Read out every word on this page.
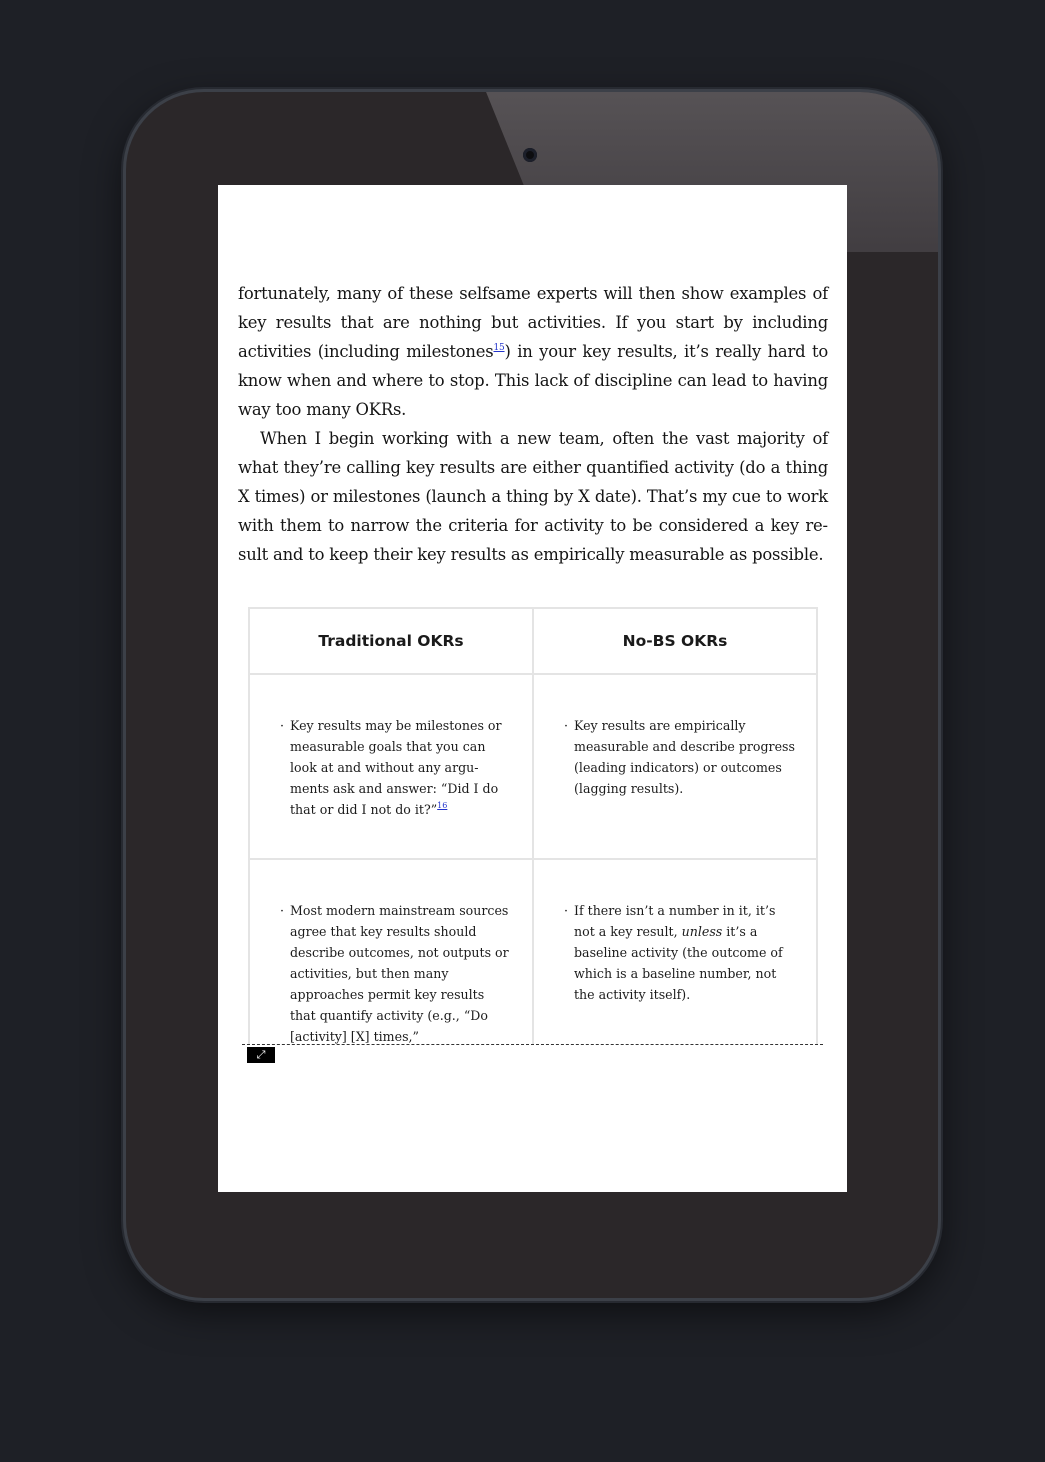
fortunately, many of these selfsame experts will then show examples of key results that are nothing but activities. If you start by including activities (including milestones$^{15}$) in your key results, it’s really hard to know when and where to stop. This lack of discipline can lead to having way too many OKRs.

When I begin working with a new team, often the vast majority of what they’re calling key results are either quantified activity (do a thing X times) or milestones (launch a thing by X date). That’s my cue to work with them to narrow the criteria for activity to be considered a key result and to keep their key results as empirically measurable as possible.

Traditional OKRs	No-BS OKRs

· Key results may be milestones or measurable goals that you can look at and without any arguments ask and answer: “Did I do that or did I not do it?”$^{16}$	· Key results are empirically measurable and describe progress (leading indicators) or outcomes (lagging results).

· Most modern mainstream sources agree that key results should describe outcomes, not outputs or activities, but then many approaches permit key results that quantify activity (e.g., “Do [activity] [X] times,”	· If there isn’t a number in it, it’s not a key result, unless it’s a baseline activity (the outcome of which is a baseline number, not the activity itself).
⤢
